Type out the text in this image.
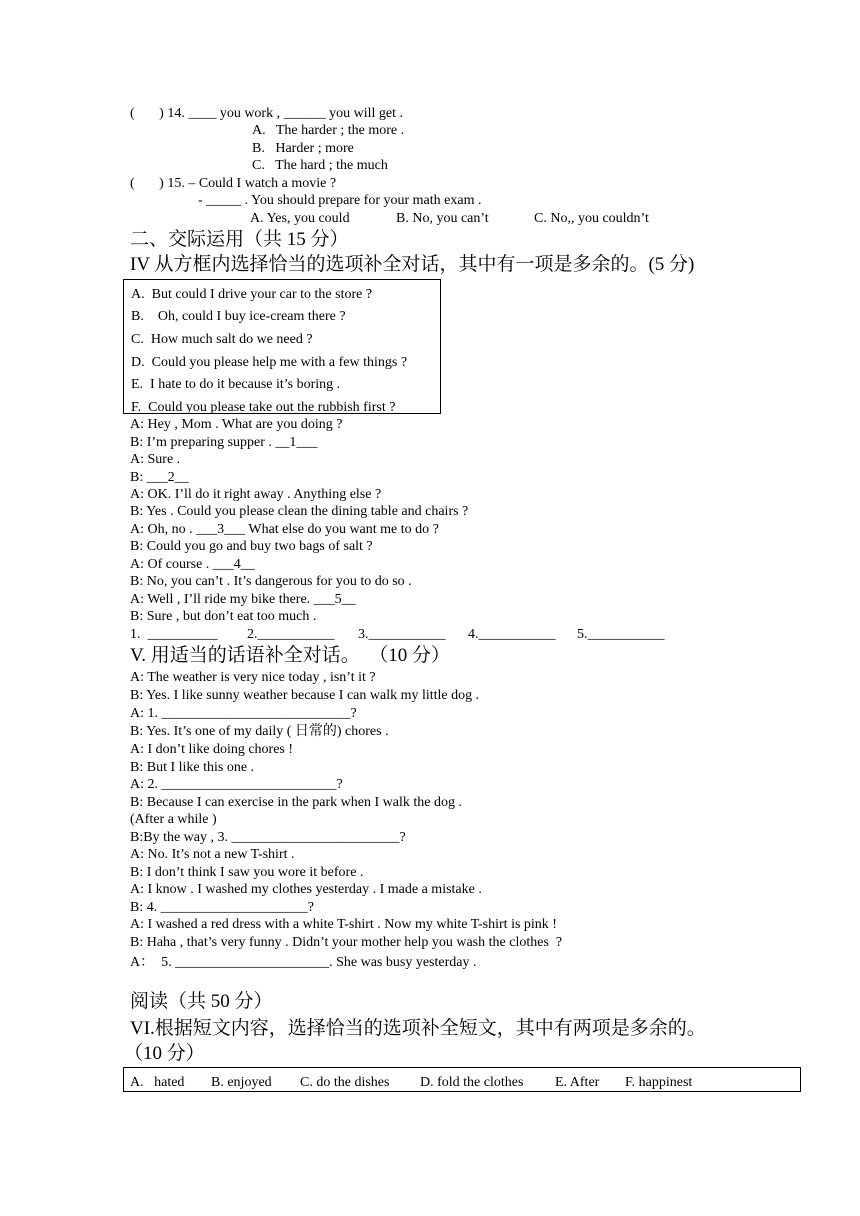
(       ) 14. ____ you work , ______ you will get .
A.   The harder ; the more .
B.   Harder ; more
C.   The hard ; the much
(       ) 15. – Could I watch a movie ?
- _____ . You should prepare for your math exam .
A. Yes, you could	B. No, you can’t	C. No,, you couldn’t
二、交际运用（共 15 分）
IV 从方框内选择恰当的选项补全对话，其中有一项是多余的。(5 分)
A.  But could I drive your car to the store ?
B.    Oh, could I buy ice-cream there ?
C.  How much salt do we need ?
D.  Could you please help me with a few things ?
E.  I hate to do it because it’s boring .
F.  Could you please take out the rubbish first ?
A: Hey , Mom . What are you doing ?
B: I’m preparing supper . __1___
A: Sure .
B: ___2__
A: OK. I’ll do it right away . Anything else ?
B: Yes . Could you please clean the dining table and chairs ?
A: Oh, no . ___3___ What else do you want me to do ?
B: Could you go and buy two bags of salt ?
A: Of course . ___4__
B: No, you can’t . It’s dangerous for you to do so .
A: Well , I’ll ride my bike there. ___5__
B: Sure , but don’t eat too much .
1.  __________ 2.___________ 3.___________ 4.___________ 5.___________
V. 用适当的话语补全对话。  （10 分）
A: The weather is very nice today , isn’t it ?
B: Yes. I like sunny weather because I can walk my little dog .
A: 1. ___________________________?
B: Yes. It’s one of my daily ( 日常的) chores .
A: I don’t like doing chores !
B: But I like this one .
A: 2. _________________________?
B: Because I can exercise in the park when I walk the dog .
(After a while )
B:By the way , 3. ________________________?
A: No. It’s not a new T-shirt .
B: I don’t think I saw you wore it before .
A: I know . I washed my clothes yesterday . I made a mistake .
B: 4. _____________________?
A: I washed a red dress with a white T-shirt . Now my white T-shirt is pink !
B: Haha , that’s very funny . Didn’t your mother help you wash the clothes  ?
A：  5. ______________________. She was busy yesterday .
阅读（共 50 分）
VI.根据短文内容，选择恰当的选项补全短文，其中有两项是多余的。
（10 分）
A.   hated B. enjoyed C. do the dishes D. fold the clothes E. After F. happinest
